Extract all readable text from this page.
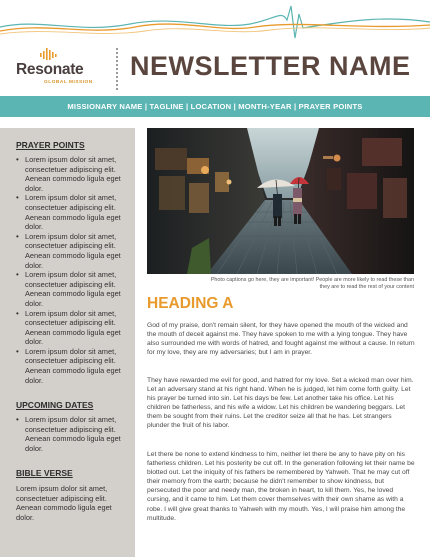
Resonate
GLOBAL MISSION
NEWSLETTER NAME
MISSIONARY NAME | TAGLINE | LOCATION | MONTH-YEAR | PRAYER POINTS
PRAYER POINTS
• Lorem ipsum dolor sit amet, consectetuer adipiscing elit. Aenean commodo ligula eget dolor.
• Lorem ipsum dolor sit amet, consectetuer adipiscing elit. Aenean commodo ligula eget dolor.
• Lorem ipsum dolor sit amet, consectetuer adipiscing elit. Aenean commodo ligula eget dolor.
• Lorem ipsum dolor sit amet, consectetuer adipiscing elit. Aenean commodo ligula eget dolor.
• Lorem ipsum dolor sit amet, consectetuer adipiscing elit. Aenean commodo ligula eget dolor.
• Lorem ipsum dolor sit amet, consectetuer adipiscing elit. Aenean commodo ligula eget dolor.
UPCOMING DATES
• Lorem ipsum dolor sit amet, consectetuer adipiscing elit. Aenean commodo ligula eget dolor.
BIBLE VERSE
Lorem ipsum dolor sit amet, consectetuer adipiscing elit. Aenean commodo ligula eget dolor.
Photo captions go here, they are important! People are more likely to read these than they are to read the rest of your content
HEADING A
God of my praise, don't remain silent, for they have opened the mouth of the wicked and the mouth of deceit against me. They have spoken to me with a lying tongue. They have also surrounded me with words of hatred, and fought against me without a cause. In return for my love, they are my adversaries; but I am in prayer.
They have rewarded me evil for good, and hatred for my love. Set a wicked man over him. Let an adversary stand at his right hand. When he is judged, let him come forth guilty. Let his prayer be turned into sin. Let his days be few. Let another take his office. Let his children be fatherless, and his wife a widow. Let his children be wandering beggars. Let them be sought from their ruins. Let the creditor seize all that he has. Let strangers plunder the fruit of his labor.
Let there be none to extend kindness to him, neither let there be any to have pity on his fatherless children. Let his posterity be cut off. In the generation following let their name be blotted out. Let the iniquity of his fathers be remembered by Yahweh. That he may cut off their memory from the earth; because he didn't remember to show kindness, but persecuted the poor and needy man, the broken in heart, to kill them. Yes, he loved cursing, and it came to him. Let them cover themselves with their own shame as with a robe. I will give great thanks to Yahweh with my mouth. Yes, I will praise him among the multitude.
